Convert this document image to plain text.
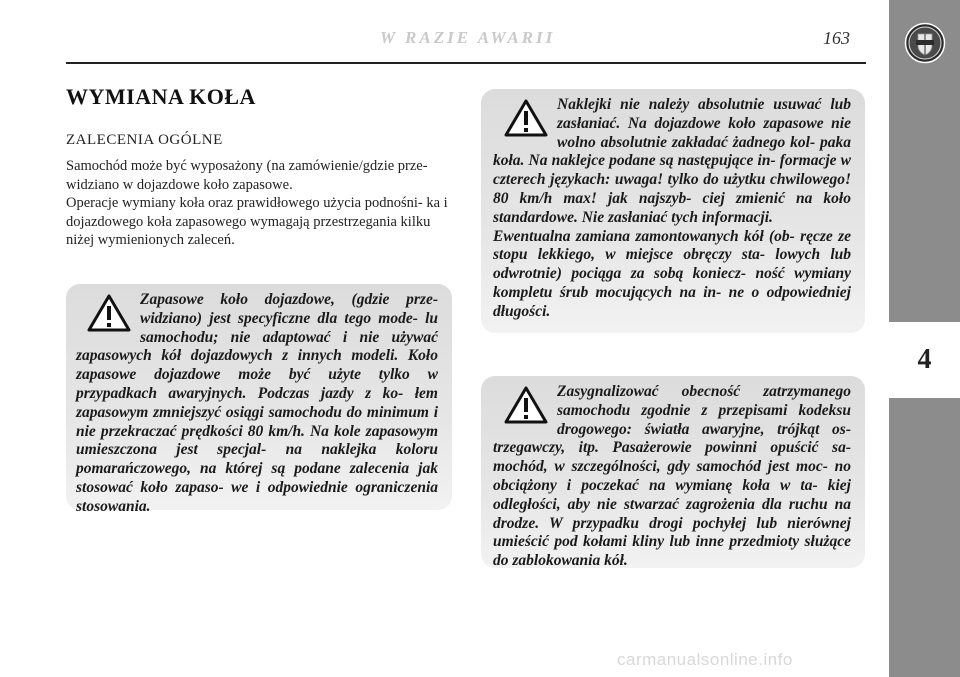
W RAZIE AWARII	163
4
WYMIANA KOŁA
ZALECENIA OGÓLNE

Samochód może być wyposażony (na zamówienie/gdzie prze- widziano w dojazdowe koło zapasowe.

Operacje wymiany koła oraz prawidłowego użycia podnośni- ka i dojazdowego koła zapasowego wymagają przestrzegania kilku niżej wymienionych zaleceń.

Zapasowe koło dojazdowe, (gdzie prze- widziano) jest specyficzne dla tego mode- lu samochodu; nie adaptować i nie używać zapasowych kół dojazdowych z innych modeli. Koło zapasowe dojazdowe może być użyte tylko w przypadkach awaryjnych. Podczas jazdy z ko- łem zapasowym zmniejszyć osiągi samochodu do minimum i nie przekraczać prędkości 80 km/h. Na kole zapasowym umieszczona jest specjal- na naklejka koloru pomarańczowego, na której są podane zalecenia jak stosować koło zapaso- we i odpowiednie ograniczenia stosowania.

Naklejki nie należy absolutnie usuwać lub zasłaniać. Na dojazdowe koło zapasowe nie wolno absolutnie zakładać żadnego kol- paka koła. Na naklejce podane są następujące in- formacje w czterech językach: uwaga! tylko do użytku chwilowego! 80 km/h max! jak najszyb- ciej zmienić na koło standardowe. Nie zasłaniać tych informacji.

Ewentualna zamiana zamontowanych kół (ob- ręcze ze stopu lekkiego, w miejsce obręczy sta- lowych lub odwrotnie) pociąga za sobą koniecz- ność wymiany kompletu śrub mocujących na in- ne o odpowiedniej długości.

Zasygnalizować obecność zatrzymanego samochodu zgodnie z przepisami kodeksu drogowego: światła awaryjne, trójkąt os- trzegawczy, itp. Pasażerowie powinni opuścić sa- mochód, w szczególności, gdy samochód jest moc- no obciążony i poczekać na wymianę koła w ta- kiej odległości, aby nie stwarzać zagrożenia dla ruchu na drodze. W przypadku drogi pochyłej lub nierównej umieścić pod kołami kliny lub inne przedmioty służące do zablokowania kół.

carmanualsonline.info
